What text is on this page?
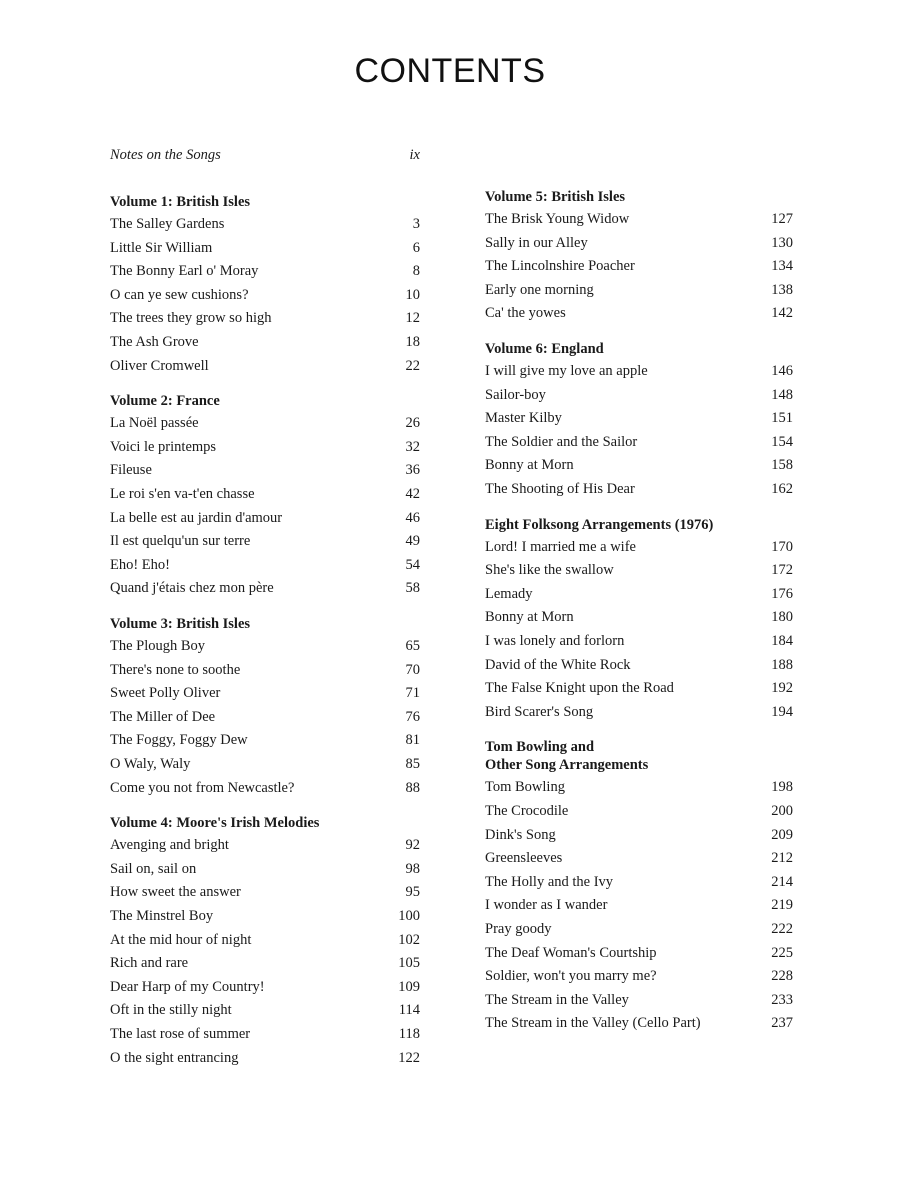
CONTENTS
Notes on the Songs	ix
Volume 1: British Isles
The Salley Gardens	3
Little Sir William	6
The Bonny Earl o' Moray	8
O can ye sew cushions?	10
The trees they grow so high	12
The Ash Grove	18
Oliver Cromwell	22
Volume 2: France
La Noël passée	26
Voici le printemps	32
Fileuse	36
Le roi s'en va-t'en chasse	42
La belle est au jardin d'amour	46
Il est quelqu'un sur terre	49
Eho! Eho!	54
Quand j'étais chez mon père	58
Volume 3: British Isles
The Plough Boy	65
There's none to soothe	70
Sweet Polly Oliver	71
The Miller of Dee	76
The Foggy, Foggy Dew	81
O Waly, Waly	85
Come you not from Newcastle?	88
Volume 4: Moore's Irish Melodies
Avenging and bright	92
Sail on, sail on	98
How sweet the answer	95
The Minstrel Boy	100
At the mid hour of night	102
Rich and rare	105
Dear Harp of my Country!	109
Oft in the stilly night	114
The last rose of summer	118
O the sight entrancing	122
Volume 5: British Isles
The Brisk Young Widow	127
Sally in our Alley	130
The Lincolnshire Poacher	134
Early one morning	138
Ca' the yowes	142
Volume 6: England
I will give my love an apple	146
Sailor-boy	148
Master Kilby	151
The Soldier and the Sailor	154
Bonny at Morn	158
The Shooting of His Dear	162
Eight Folksong Arrangements (1976)
Lord! I married me a wife	170
She's like the swallow	172
Lemady	176
Bonny at Morn	180
I was lonely and forlorn	184
David of the White Rock	188
The False Knight upon the Road	192
Bird Scarer's Song	194
Tom Bowling and
Other Song Arrangements
Tom Bowling	198
The Crocodile	200
Dink's Song	209
Greensleeves	212
The Holly and the Ivy	214
I wonder as I wander	219
Pray goody	222
The Deaf Woman's Courtship	225
Soldier, won't you marry me?	228
The Stream in the Valley	233
The Stream in the Valley (Cello Part)	237
